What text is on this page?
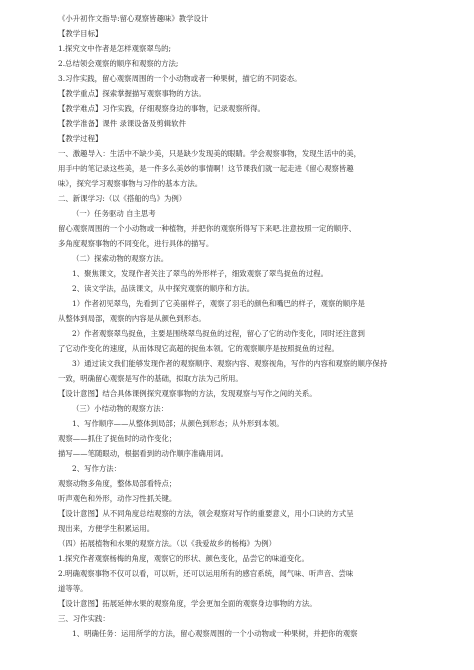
《小升初作文指导:留心观察皆趣味》教学设计
【教学目标】
1.探究文中作者是怎样观察翠鸟的;
2.总结领会观察的顺序和观察的方法;
3.习作实践，留心观察周围的一个小动物或者一种果树，描它的不同姿态。
【教学重点】探索掌握描写观察事物的方法。
【教学难点】习作实践，仔细观察身边的事物，记录观察所得。
【教学准备】课件 录课设备及剪辑软件
【教学过程】
一、激趣导入：生活中不缺少美，只是缺少发现美的眼睛。学会观察事物，发现生活中的美，
用手中的笔记录这些美，是一件多么美妙的事情啊！这节课我们就一起走进《留心观察皆趣
味》，探究学习观察事物与习作的基本方法。
二、新课学习:（以《搭船的鸟》为例）
（一）任务驱动 自主思考
留心观察周围的一个小动物或一种植物，并把你的观察所得写下来吧.注意按照一定的顺序、
多角度观察事物的不同变化，进行具体的描写。
（二）探索动物的观察方法。
1、聚焦课文，发现作者关注了翠鸟的外形样子，细致观察了翠鸟捉鱼的过程。
2、读文学法，品读课文，从中探究观察的顺序和方法。
1）作者初见翠鸟，先看到了它美丽样子，观察了羽毛的颜色和嘴巴的样子，观察的顺序是
从整体到局部，观察的内容是从颜色到形态。
2）作者观察翠鸟捉鱼，主要是围绕翠鸟捉鱼的过程，留心了它的动作变化，同时还注意到
了它动作变化的速度，从而体现它高超的捉鱼本领。它的观察顺序是按照捉鱼的过程。
3）通过读文我们能够发现作者的观察顺序、观察内容、观察视角，写作的内容和观察的顺序保持
一致，明确留心观察是写作的基础，拟取方法为己所用。
【设计意图】结合具体课例探究观察事物的方法，发现观察与写作之间的关系。
（三）小结动物的观察方法：
1、写作顺序——从整体到局部；从颜色到形态；从外形到本领。
观察——抓住了捉鱼时的动作变化；
描写——笔随眼动，根据看到的动作顺序准确用词。
2、写作方法：
观察动物多角度，整体局部看特点；
听声观色和外形，动作习性抓关键。
【设计意图】从不同角度总结观察的方法，领会观察对写作的重要意义，用小口诀的方式呈
现出来，方便学生积累运用。
（四）拓展植物和水果的观察方法。（以《我爱故乡的杨梅》为例）
1.探究作者观察杨梅的角度，观察它的形状、颜色变化，品尝它的味道变化。
2.明确观察事物不仅可以看，可以听，还可以运用所有的感官系统，闻气味、听声音、尝味
道等等。
【设计意图】拓展延伸水果的观察角度，学会更加全面的观察身边事物的方法。
三、习作实践：
1、明确任务：运用所学的方法，留心观察周围的一个小动物或一种果树，并把你的观察
